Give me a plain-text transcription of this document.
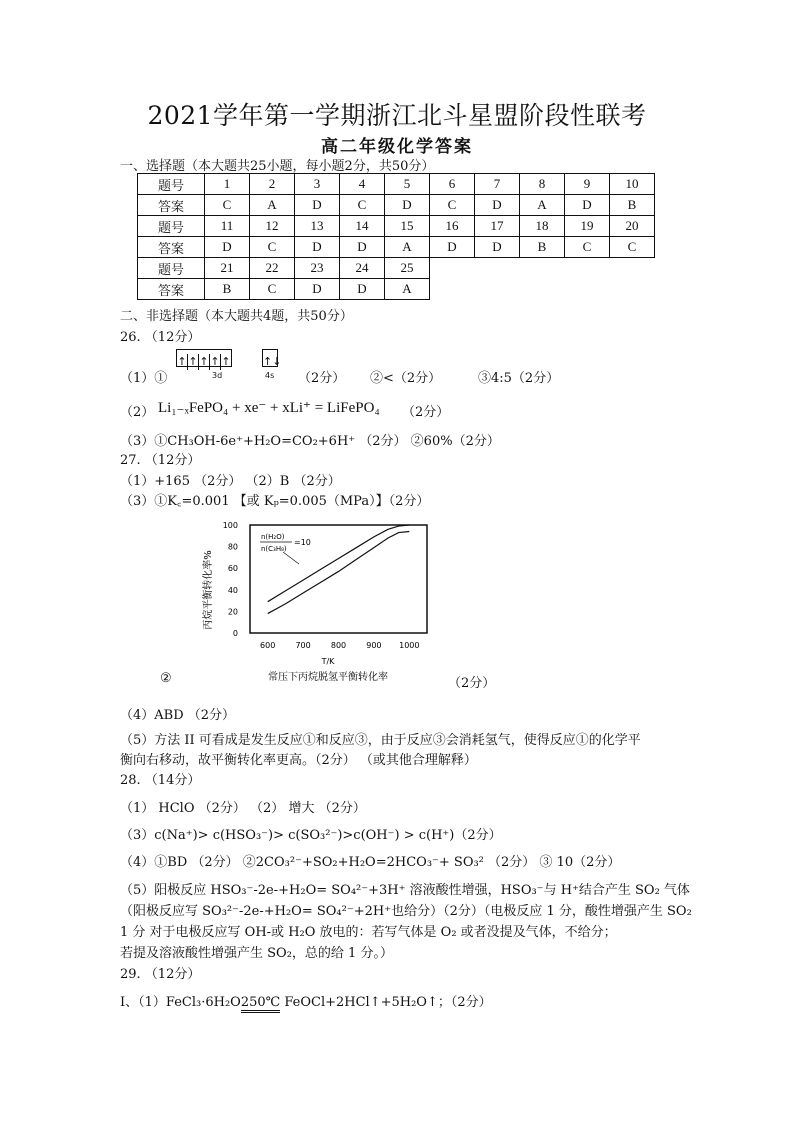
2021学年第一学期浙江北斗星盟阶段性联考
高二年级化学答案
一、选择题（本大题共25小题，每小题2分，共50分）
题号	1	2	3	4	5	6	7	8	9	10
答案	C	A	D	C	D	C	D	A	D	B
题号	11	12	13	14	15	16	17	18	19	20
答案	D	C	D	D	A	D	D	B	C	C
题号	21	22	23	24	25					
答案	B	C	D	D	A					
二、非选择题（本大题共4题，共50分）
26. （12分）
↑ ↑ ↑ ↑ ↑	↑↓
（1）①	3d	4s （2分） ②<（2分）	③4:5（2分）
（2） Li₁₋ₓFePO₄ + xe⁻ + xLi⁺ = LiFePO₄ （2分）
（3）①CH₃OH-6e⁺+H₂O=CO₂+6H⁺ （2分） ②60%（2分）
27. （12分）
（1）+165 （2分） （2）B （2分）
（3）①K꜀=0.001 【或 Kₚ=0.005（MPa）】（2分）
600	700	800	900 1000
0
20
40
60
80
100
丙烷平衡转化率%
T/K
n(H₂O)
n(C₃H₈)
=10
常压下丙烷脱氢平衡转化率
②	（2分）
（4）ABD （2分）
（5）方法 II 可看成是发生反应①和反应③，由于反应③会消耗氢气，使得反应①的化学平
衡向右移动，故平衡转化率更高。（2分） （或其他合理解释）
28. （14分）
（1） HClO （2分） （2） 增大 （2分）
（3）c(Na⁺)> c(HSO₃⁻)> c(SO₃²⁻)>c(OH⁻) > c(H⁺)（2分）
（4）①BD （2分） ②2CO₃²⁻+SO₂+H₂O=2HCO₃⁻+ SO₃² （2分） ③ 10（2分）
（5）阳极反应 HSO₃⁻-2e-+H₂O= SO₄²⁻+3H⁺ 溶液酸性增强，HSO₃⁻与 H⁺结合产生 SO₂ 气体
（阳极反应写 SO₃²⁻-2e-+H₂O= SO₄²⁻+2H⁺也给分）（2分）（电极反应 1 分，酸性增强产生 SO₂
1 分 对于电极反应写 OH-或 H₂O 放电的：若写气体是 O₂ 或者没提及气体，不给分；
若提及溶液酸性增强产生 SO₂，总的给 1 分。）
29. （12分）
I、（1）FeCl₃·6H₂O250℃ FeOCl+2HCl↑+5H₂O↑；（2分）
